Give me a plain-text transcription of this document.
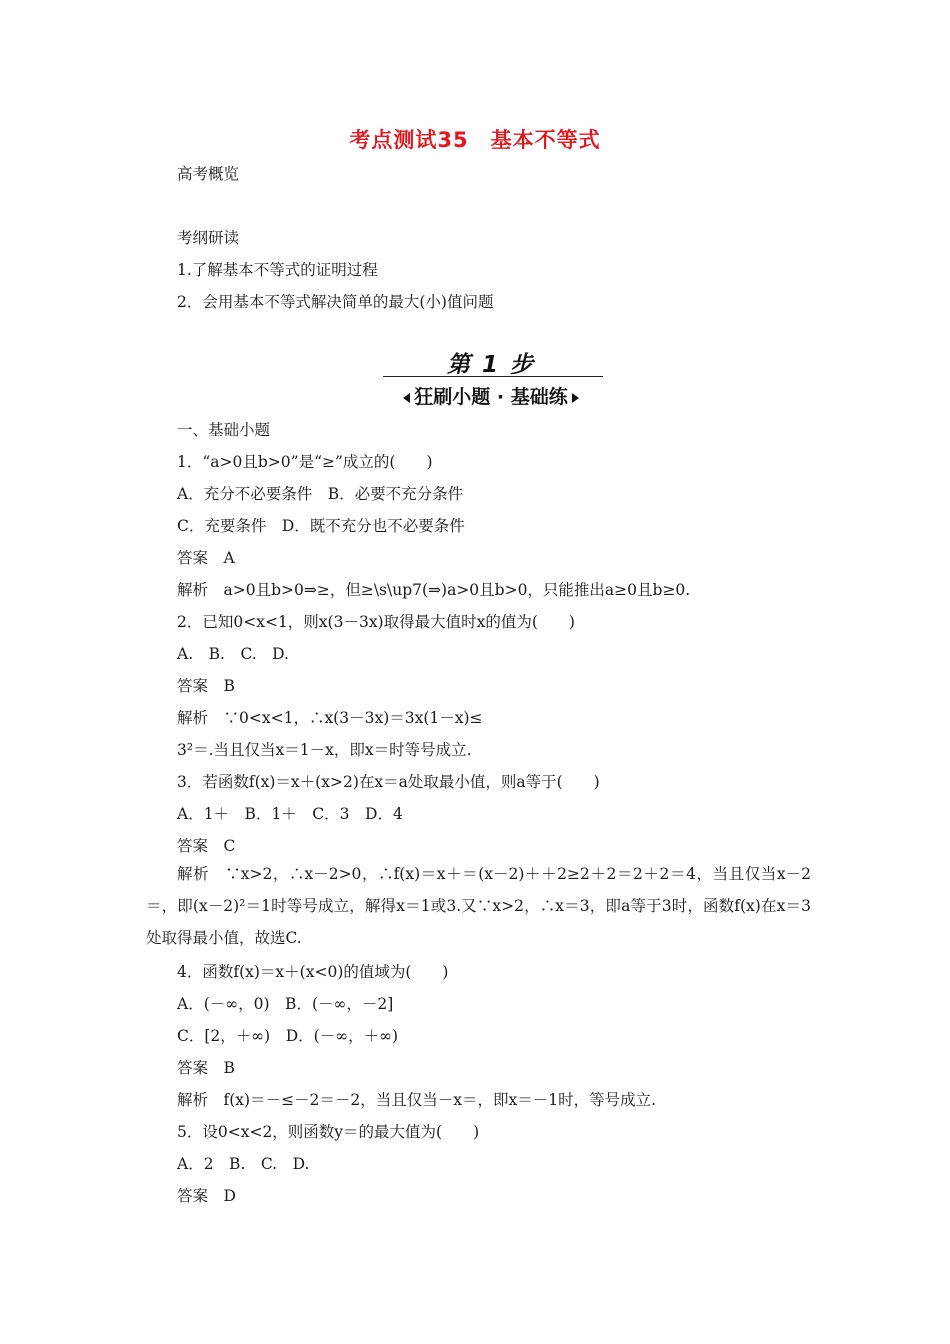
考点测试35　基本不等式
高考概览
考纲研读
1.了解基本不等式的证明过程
2．会用基本不等式解决简单的最大(小)值问题
第 1 步
狂刷小题 · 基础练
一、基础小题
1．“a>0且b>0”是“≥”成立的(　　)
A．充分不必要条件　B．必要不充分条件
C．充要条件　D．既不充分也不必要条件
答案　A
解析　a>0且b>0⇒≥，但≥\s\up7(⇒)a>0且b>0，只能推出a≥0且b≥0.
2．已知0<x<1，则x(3－3x)取得最大值时x的值为(　　)
A.　B.　C.　D.
答案　B
解析　∵0<x<1，∴x(3－3x)＝3x(1－x)≤
3²＝.当且仅当x＝1－x，即x＝时等号成立.
3．若函数f(x)＝x＋(x>2)在x＝a处取最小值，则a等于(　　)
A．1＋　B．1＋　C．3　D．4
答案　C
解析　∵x>2，∴x－2>0，∴f(x)＝x＋＝(x－2)＋＋2≥2＋2＝2＋2＝4，当且仅当x－2＝，即(x－2)²＝1时等号成立，解得x＝1或3.又∵x>2，∴x＝3，即a等于3时，函数f(x)在x＝3处取得最小值，故选C.
4．函数f(x)＝x＋(x<0)的值域为(　　)
A．(－∞，0)　B．(－∞，－2]
C．[2，＋∞)　D．(－∞，＋∞)
答案　B
解析　f(x)＝－≤－2＝－2，当且仅当－x＝，即x＝－1时，等号成立.
5．设0<x<2，则函数y＝的最大值为(　　)
A．2　B.　C.　D.
答案　D
